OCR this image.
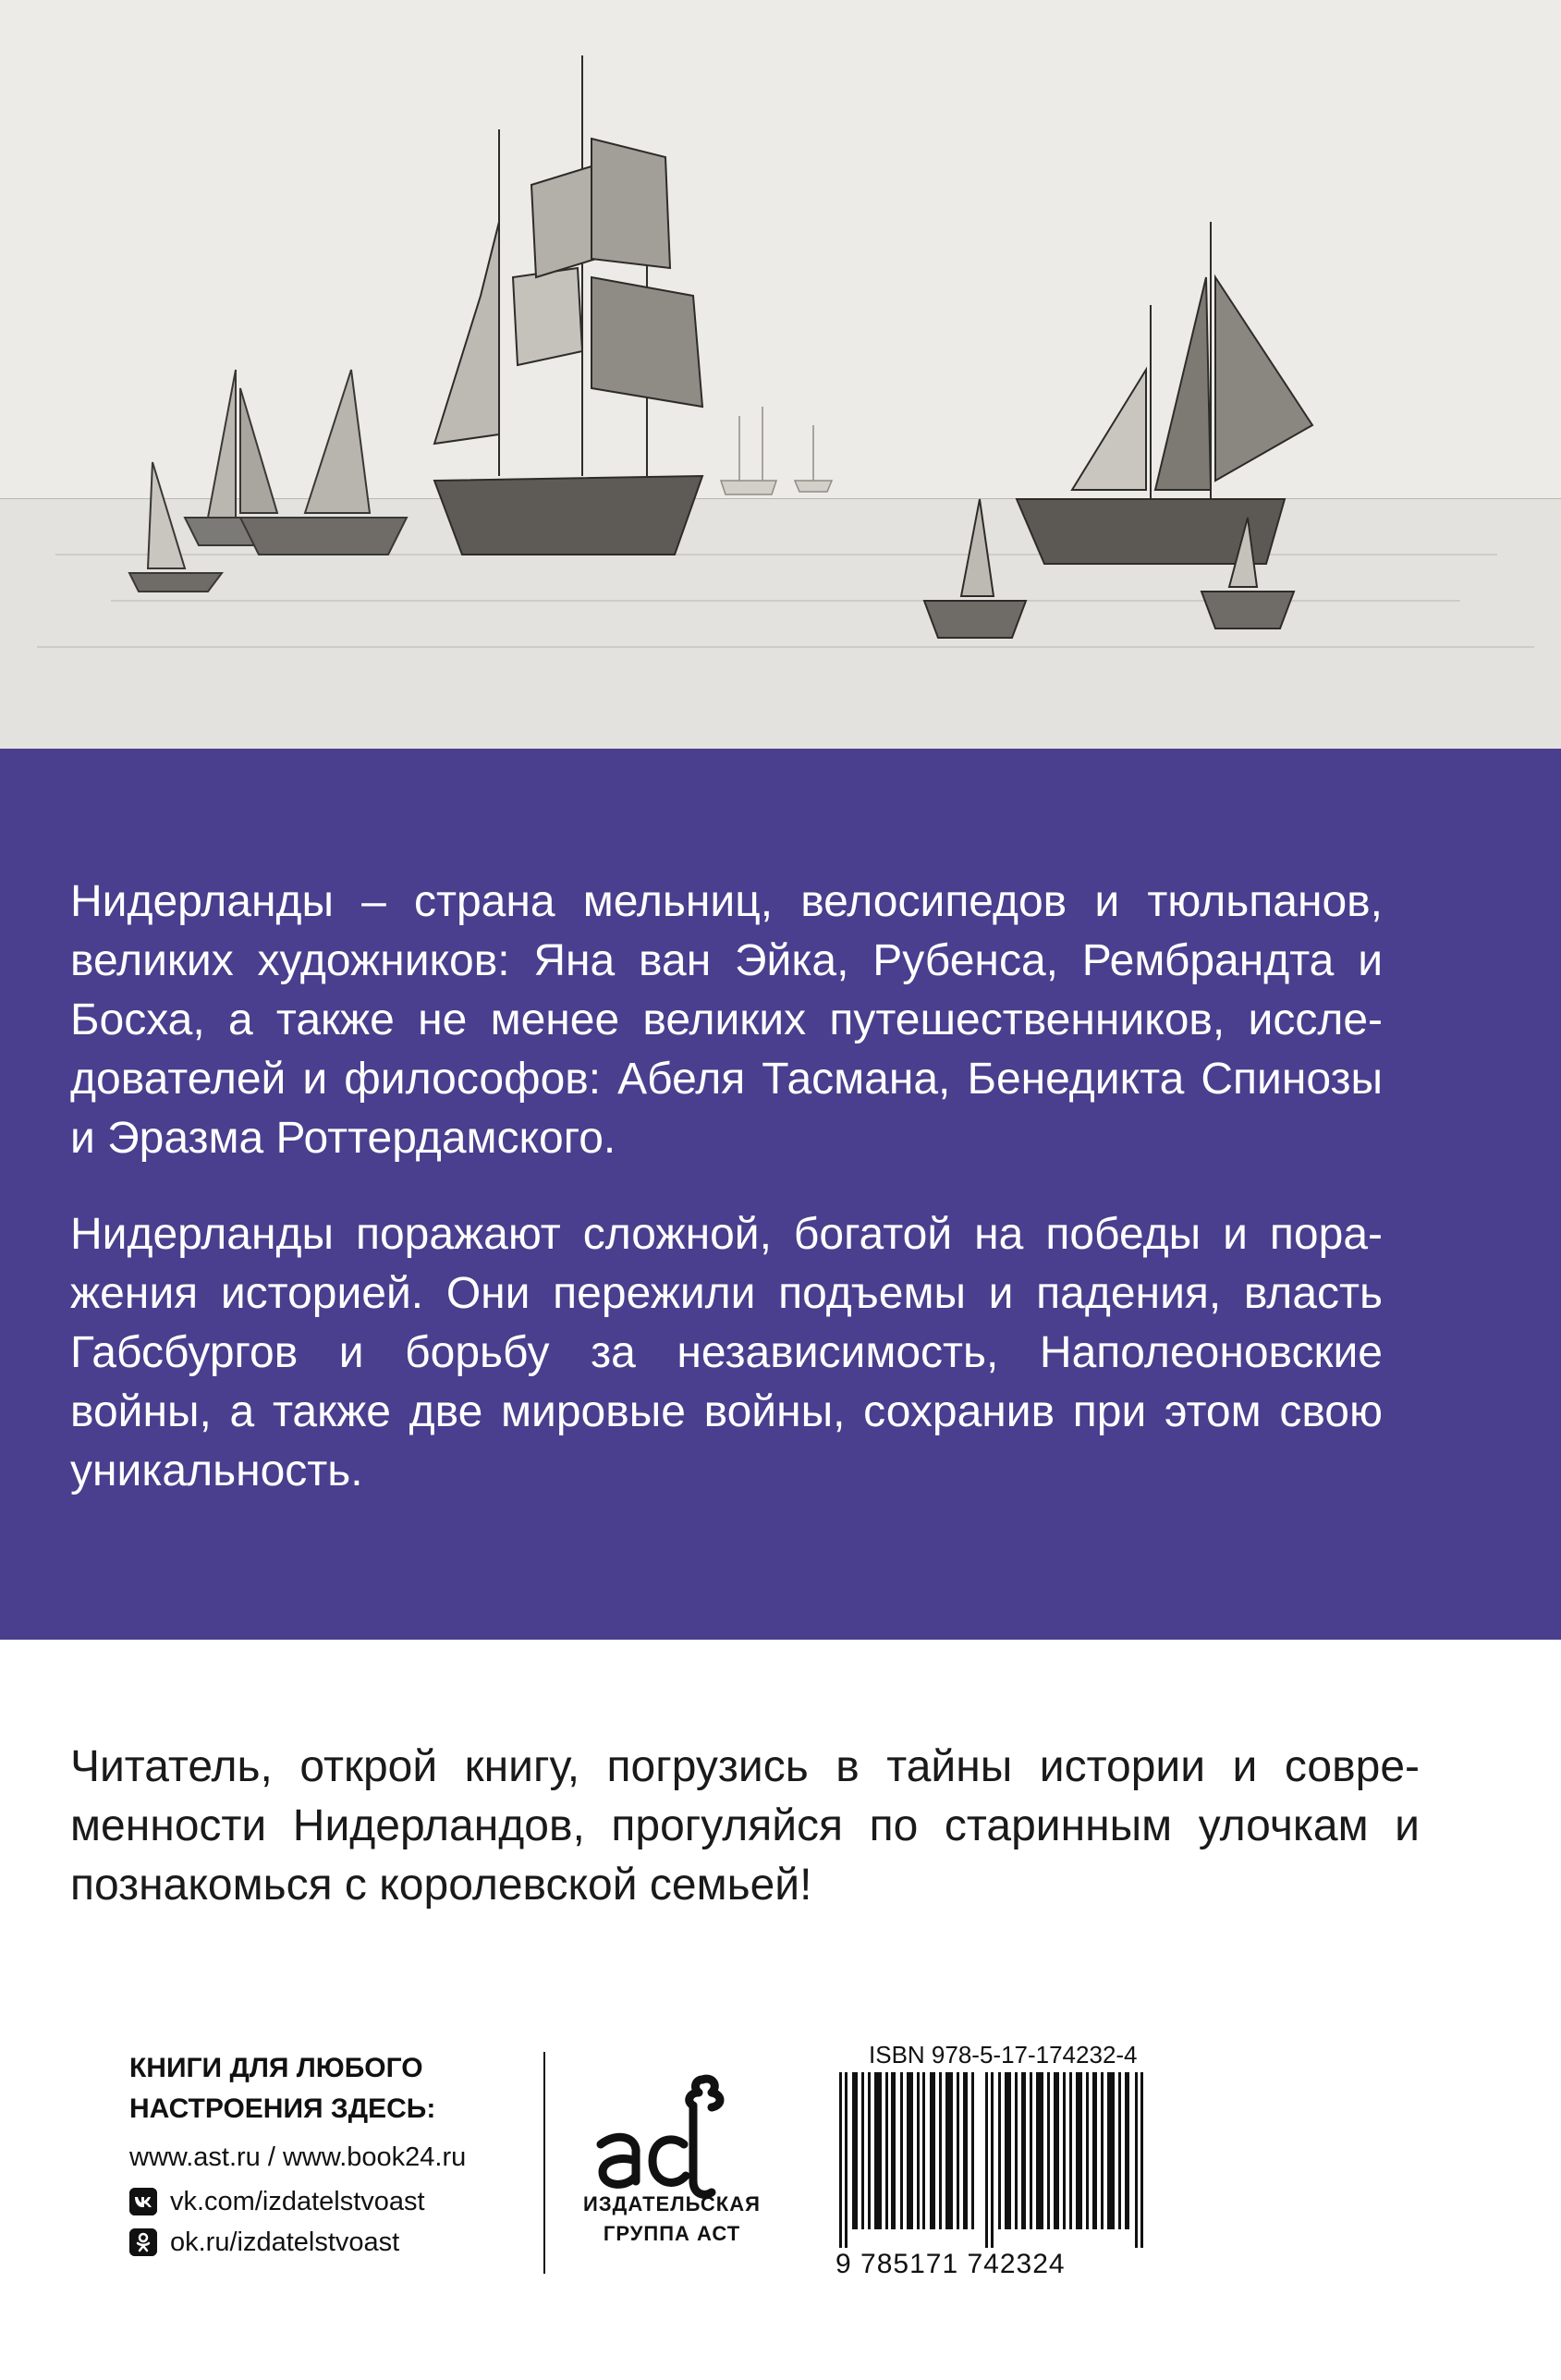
Нидерланды – страна мельниц, велосипедов и тюльпанов, великих художников: Яна ван Эйка, Рубенса, Рембрандта и Босха, а также не менее великих путешественников, исследователей и философов: Абеля Тасмана, Бенедикта Спинозы и Эразма Роттердамского.

Нидерланды поражают сложной, богатой на победы и поражения историей. Они пережили подъемы и падения, власть Габсбургов и борьбу за независимость, Наполеоновские войны, а также две мировые войны, сохранив при этом свою уникальность.

Читатель, открой книгу, погрузись в тайны истории и современности Нидерландов, прогуляйся по старинным улочкам и познакомься с королевской семьей!

КНИГИ ДЛЯ ЛЮБОГО
НАСТРОЕНИЯ ЗДЕСЬ:
www.ast.ru / www.book24.ru
vk.com/izdatelstvoast
ok.ru/izdatelstvoast
ИЗДАТЕЛЬСКАЯ
ГРУППА АСТ
ISBN 978-5-17-174232-4
9 785171 742324
